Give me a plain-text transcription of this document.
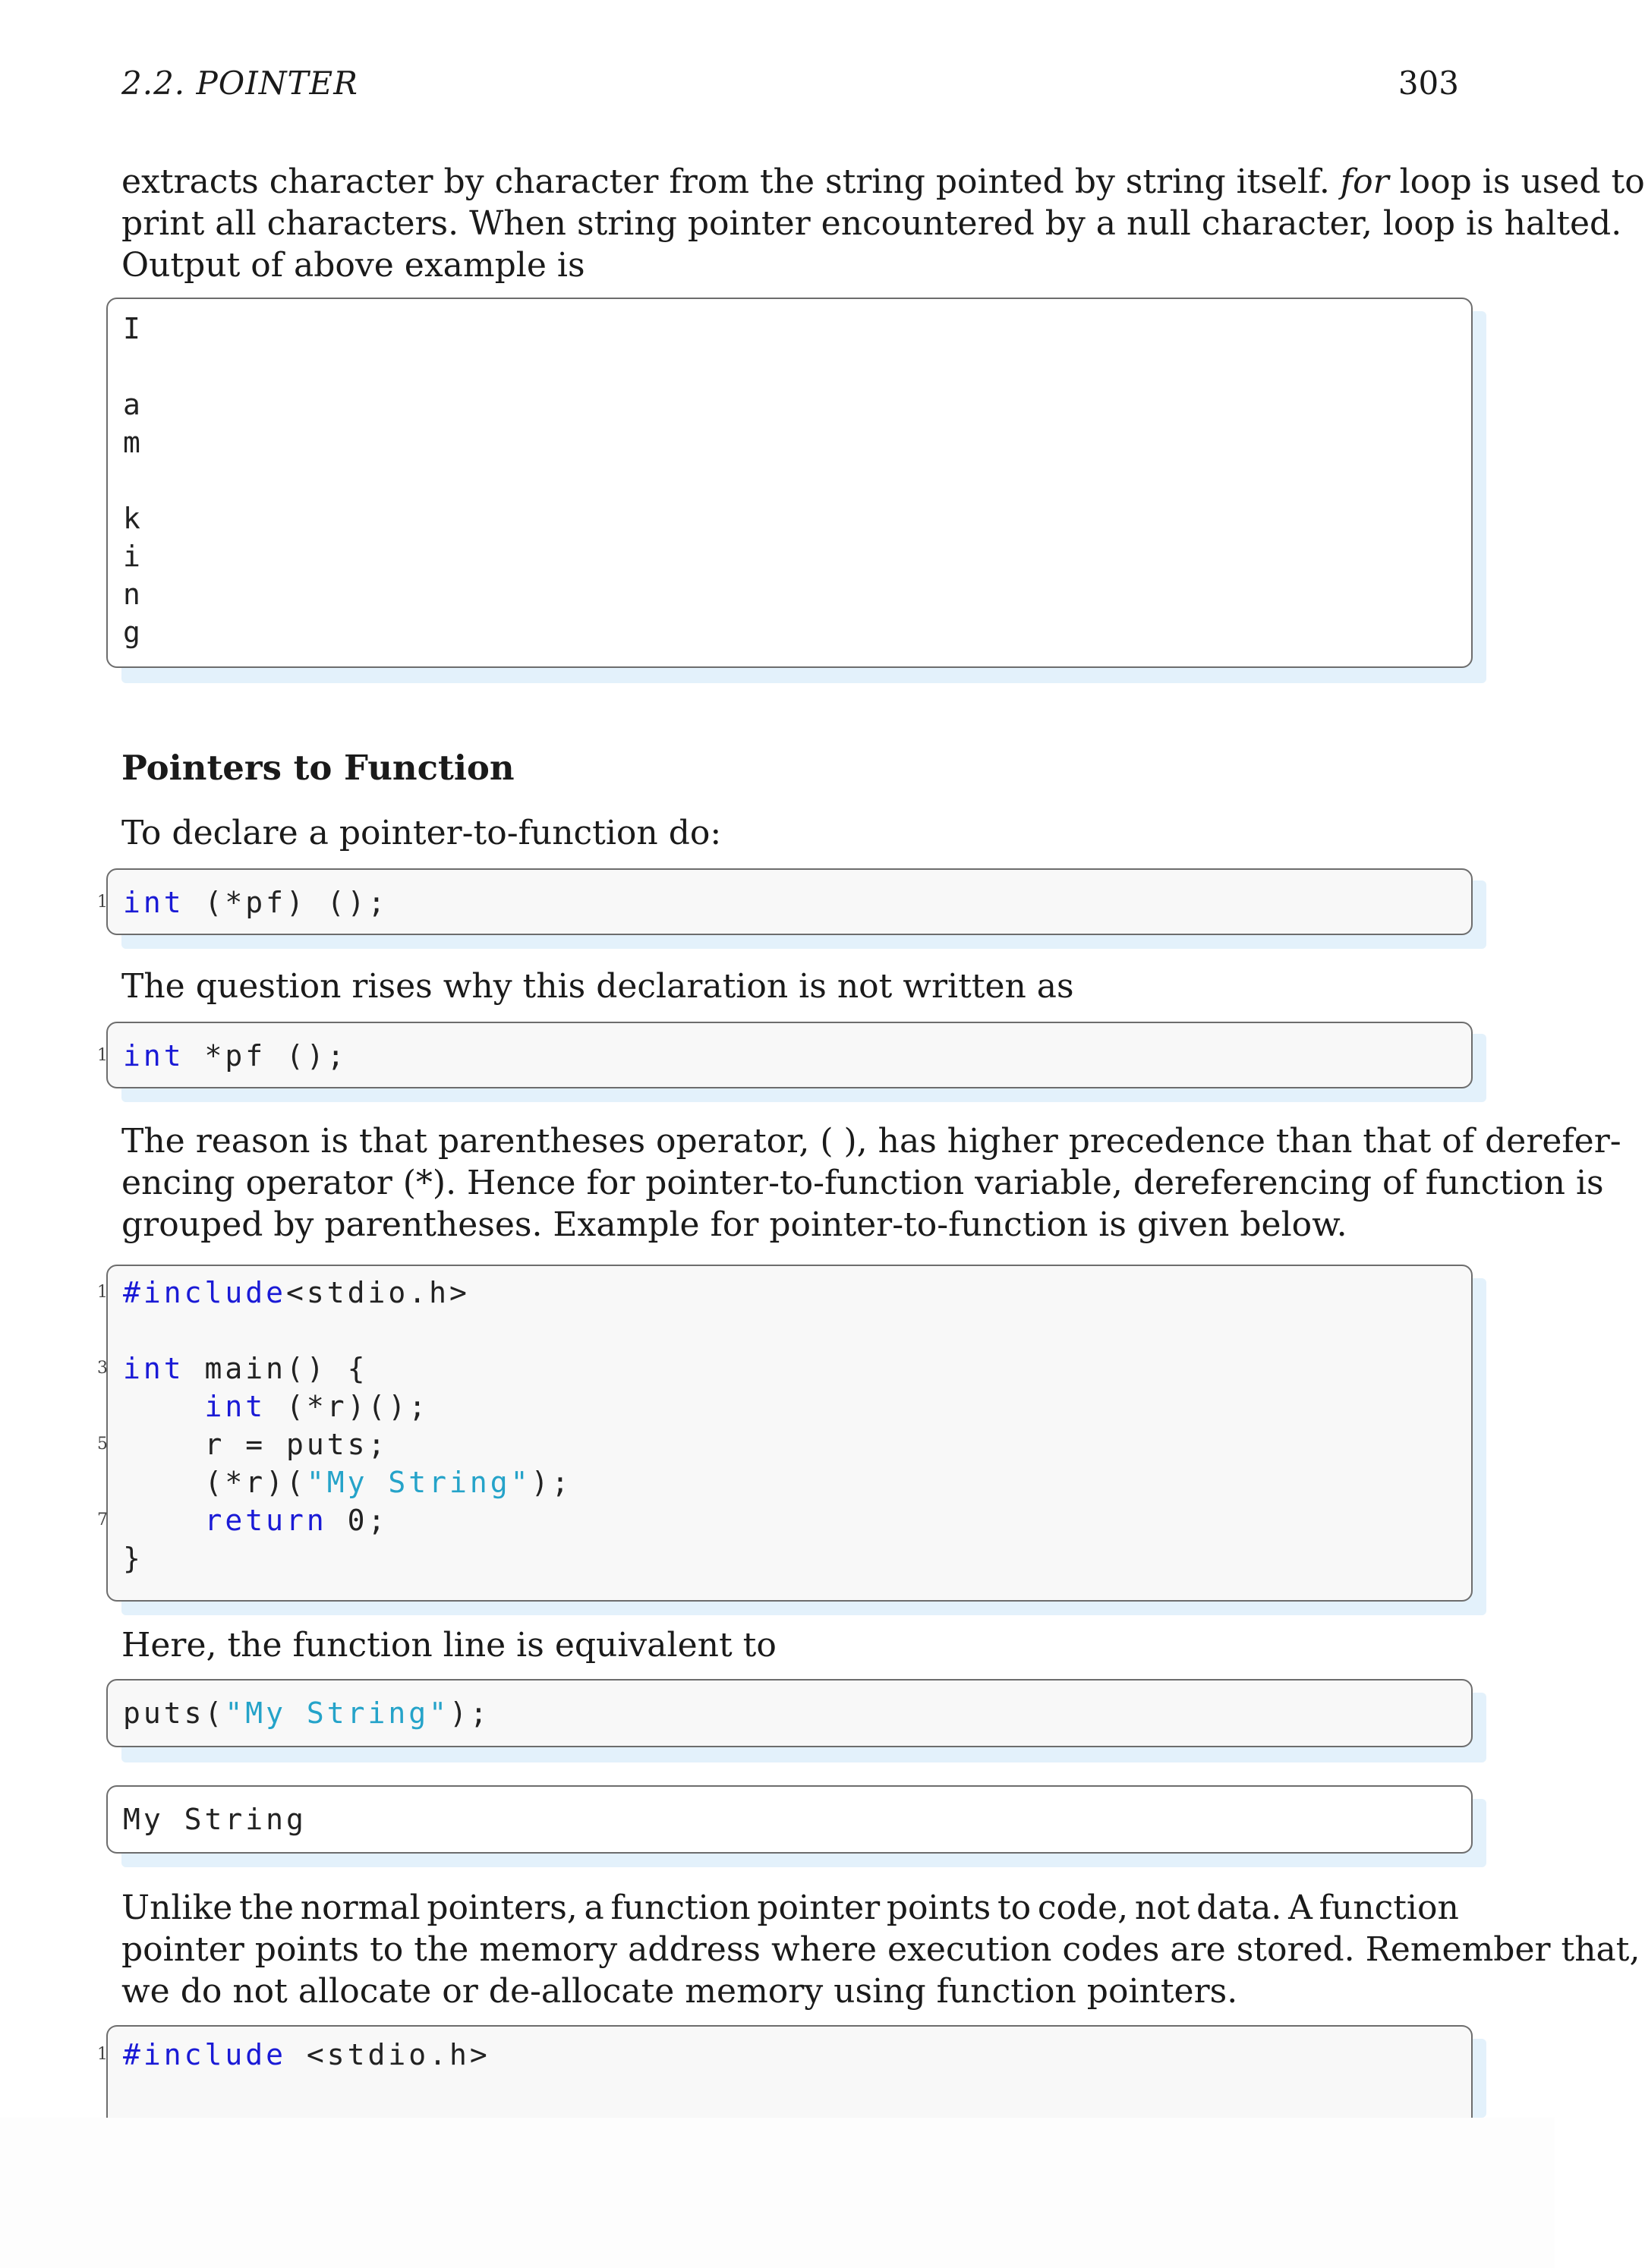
2.2. POINTER	303
extracts character by character from the string pointed by string itself. for loop is used to
print all characters. When string pointer encountered by a null character, loop is halted.
Output of above example is

I

a

m

k

i

n

g

Pointers to Function
To declare a pointer-to-function do:

1 int (*pf) ();

The question rises why this declaration is not written as

1 int *pf ();

The reason is that parentheses operator, ( ), has higher precedence than that of derefer-
encing operator (*). Hence for pointer-to-function variable, dereferencing of function is
grouped by parentheses. Example for pointer-to-function is given below.

1 #include<stdio.h>

3 int main() {

int (*r)();

5	r = puts;

(*r)("My String");

7	return 0;

}

Here, the function line is equivalent to

puts("My String");

My String

Unlike the normal pointers, a function pointer points to code, not data. A function
pointer points to the memory address where execution codes are stored. Remember that,
we do not allocate or de-allocate memory using function pointers.

1 #include <stdio.h>
